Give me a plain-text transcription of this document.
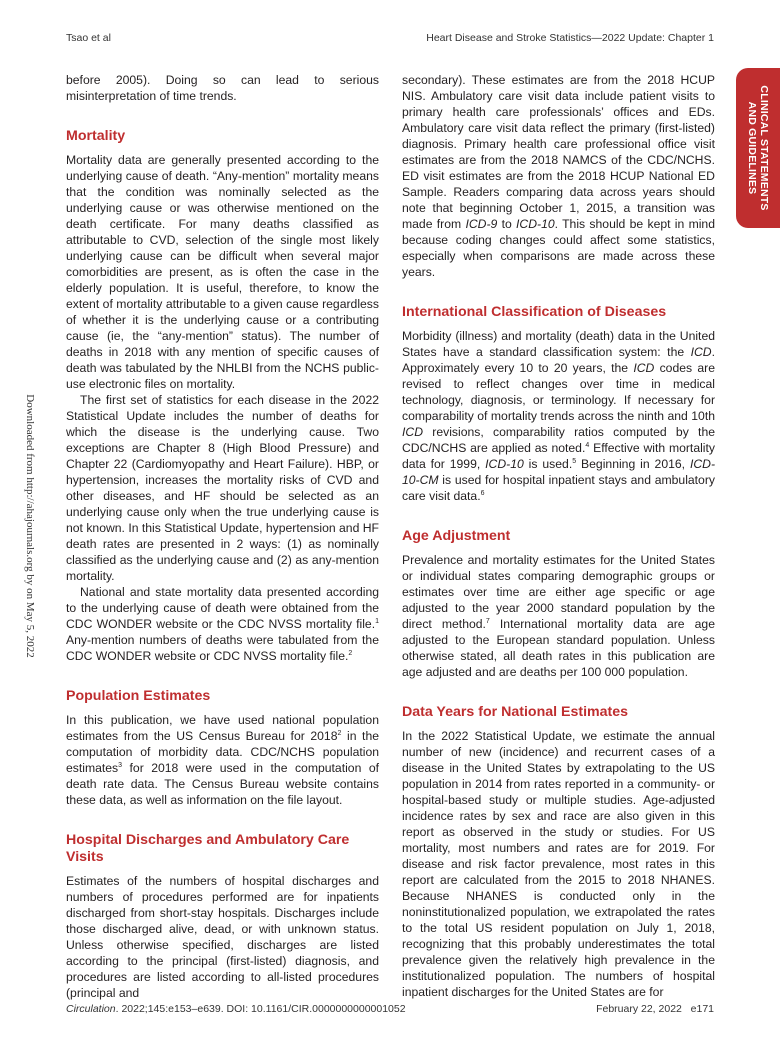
Tsao et al	Heart Disease and Stroke Statistics—2022 Update: Chapter 1
CLINICAL STATEMENTS
AND GUIDELINES
Downloaded from http://ahajournals.org by on May 5, 2022

before 2005). Doing so can lead to serious misinterpretation of time trends.

Mortality

Mortality data are generally presented according to the underlying cause of death. “Any-mention” mortality means that the condition was nominally selected as the underlying cause or was otherwise mentioned on the death certificate. For many deaths classified as attributable to CVD, selection of the single most likely underlying cause can be difficult when several major comorbidities are present, as is often the case in the elderly population. It is useful, therefore, to know the extent of mortality attributable to a given cause regardless of whether it is the underlying cause or a contributing cause (ie, the “any-mention” status). The number of deaths in 2018 with any mention of specific causes of death was tabulated by the NHLBI from the NCHS public-use electronic files on mortality.

The first set of statistics for each disease in the 2022 Statistical Update includes the number of deaths for which the disease is the underlying cause. Two exceptions are Chapter 8 (High Blood Pressure) and Chapter 22 (Cardiomyopathy and Heart Failure). HBP, or hypertension, increases the mortality risks of CVD and other diseases, and HF should be selected as an underlying cause only when the true underlying cause is not known. In this Statistical Update, hypertension and HF death rates are presented in 2 ways: (1) as nominally classified as the underlying cause and (2) as any-mention mortality.

National and state mortality data presented according to the underlying cause of death were obtained from the CDC WONDER website or the CDC NVSS mortality file.$^1$ Any-mention numbers of deaths were tabulated from the CDC WONDER website or CDC NVSS mortality file.$^2$

Population Estimates

In this publication, we have used national population estimates from the US Census Bureau for 2018$^2$ in the computation of morbidity data. CDC/NCHS population estimates$^3$ for 2018 were used in the computation of death rate data. The Census Bureau website contains these data, as well as information on the file layout.

Hospital Discharges and Ambulatory Care Visits

Estimates of the numbers of hospital discharges and numbers of procedures performed are for inpatients discharged from short-stay hospitals. Discharges include those discharged alive, dead, or with unknown status. Unless otherwise specified, discharges are listed according to the principal (first-listed) diagnosis, and procedures are listed according to all-listed procedures (principal and

secondary). These estimates are from the 2018 HCUP NIS. Ambulatory care visit data include patient visits to primary health care professionals’ offices and EDs. Ambulatory care visit data reflect the primary (first-listed) diagnosis. Primary health care professional office visit estimates are from the 2018 NAMCS of the CDC/NCHS. ED visit estimates are from the 2018 HCUP National ED Sample. Readers comparing data across years should note that beginning October 1, 2015, a transition was made from ICD-9 to ICD-10. This should be kept in mind because coding changes could affect some statistics, especially when comparisons are made across these years.

International Classification of Diseases

Morbidity (illness) and mortality (death) data in the United States have a standard classification system: the ICD. Approximately every 10 to 20 years, the ICD codes are revised to reflect changes over time in medical technology, diagnosis, or terminology. If necessary for comparability of mortality trends across the ninth and 10th ICD revisions, comparability ratios computed by the CDC/NCHS are applied as noted.$^4$ Effective with mortality data for 1999, ICD-10 is used.$^5$ Beginning in 2016, ICD-10-CM is used for hospital inpatient stays and ambulatory care visit data.$^6$

Age Adjustment

Prevalence and mortality estimates for the United States or individual states comparing demographic groups or estimates over time are either age specific or age adjusted to the year 2000 standard population by the direct method.$^7$ International mortality data are age adjusted to the European standard population. Unless otherwise stated, all death rates in this publication are age adjusted and are deaths per 100 000 population.

Data Years for National Estimates

In the 2022 Statistical Update, we estimate the annual number of new (incidence) and recurrent cases of a disease in the United States by extrapolating to the US population in 2014 from rates reported in a community- or hospital-based study or multiple studies. Age-adjusted incidence rates by sex and race are also given in this report as observed in the study or studies. For US mortality, most numbers and rates are for 2019. For disease and risk factor prevalence, most rates in this report are calculated from the 2015 to 2018 NHANES. Because NHANES is conducted only in the noninstitutionalized population, we extrapolated the rates to the total US resident population on July 1, 2018, recognizing that this probably underestimates the total prevalence given the relatively high prevalence in the institutionalized population. The numbers of hospital inpatient discharges for the United States are for

Circulation. 2022;145:e153–e639. DOI: 10.1161/CIR.0000000000001052	February 22, 2022 e171
